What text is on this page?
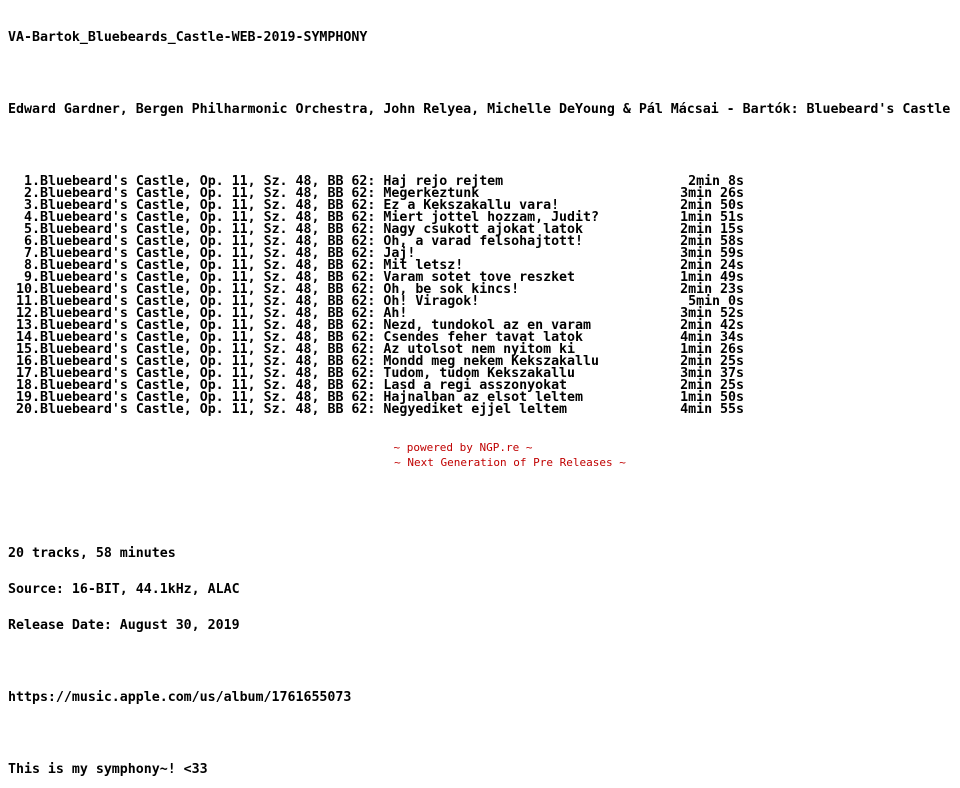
VA-Bartok_Bluebeards_Castle-WEB-2019-SYMPHONY

Edward Gardner, Bergen Philharmonic Orchestra, John Relyea, Michelle DeYoung & Pál Mácsai - Bartók: Bluebeard's Castle

1. Bluebeard's Castle, Op. 11, Sz. 48, BB 62: Haj rejo rejtem	2min 8s
2. Bluebeard's Castle, Op. 11, Sz. 48, BB 62: Megerkeztunk	3min 26s
3. Bluebeard's Castle, Op. 11, Sz. 48, BB 62: Ez a Kekszakallu vara!	2min 50s
4. Bluebeard's Castle, Op. 11, Sz. 48, BB 62: Miert jottel hozzam, Judit?	1min 51s
5. Bluebeard's Castle, Op. 11, Sz. 48, BB 62: Nagy csukott ajokat latok	2min 15s
6. Bluebeard's Castle, Op. 11, Sz. 48, BB 62: Oh, a varad felsohajtott!	2min 58s
7. Bluebeard's Castle, Op. 11, Sz. 48, BB 62: Jaj!	3min 59s
8. Bluebeard's Castle, Op. 11, Sz. 48, BB 62: Mit letsz!	2min 24s
9. Bluebeard's Castle, Op. 11, Sz. 48, BB 62: Varam sotet tove reszket	1min 49s
10. Bluebeard's Castle, Op. 11, Sz. 48, BB 62: Oh, be sok kincs!	2min 23s
11. Bluebeard's Castle, Op. 11, Sz. 48, BB 62: Oh! Viragok!	5min 0s
12. Bluebeard's Castle, Op. 11, Sz. 48, BB 62: Ah!	3min 52s
13. Bluebeard's Castle, Op. 11, Sz. 48, BB 62: Nezd, tundokol az en varam	2min 42s
14. Bluebeard's Castle, Op. 11, Sz. 48, BB 62: Csendes feher tavat latok	4min 34s
15. Bluebeard's Castle, Op. 11, Sz. 48, BB 62: Az utolsot nem nyitom ki	1min 26s
16. Bluebeard's Castle, Op. 11, Sz. 48, BB 62: Mondd meg nekem Kekszakallu	2min 25s
17. Bluebeard's Castle, Op. 11, Sz. 48, BB 62: Tudom, tudom Kekszakallu	3min 37s
18. Bluebeard's Castle, Op. 11, Sz. 48, BB 62: Lasd a regi asszonyokat	2min 25s
19. Bluebeard's Castle, Op. 11, Sz. 48, BB 62: Hajnalban az elsot leltem	1min 50s
20. Bluebeard's Castle, Op. 11, Sz. 48, BB 62: Negyediket ejjel leltem	4min 55s

20 tracks, 58 minutes

Source: 16-BIT, 44.1kHz, ALAC

Release Date: August 30, 2019

https://music.apple.com/us/album/1761655073

This is my symphony~! <33

~ powered by NGP.re ~
~ Next Generation of Pre Releases ~
